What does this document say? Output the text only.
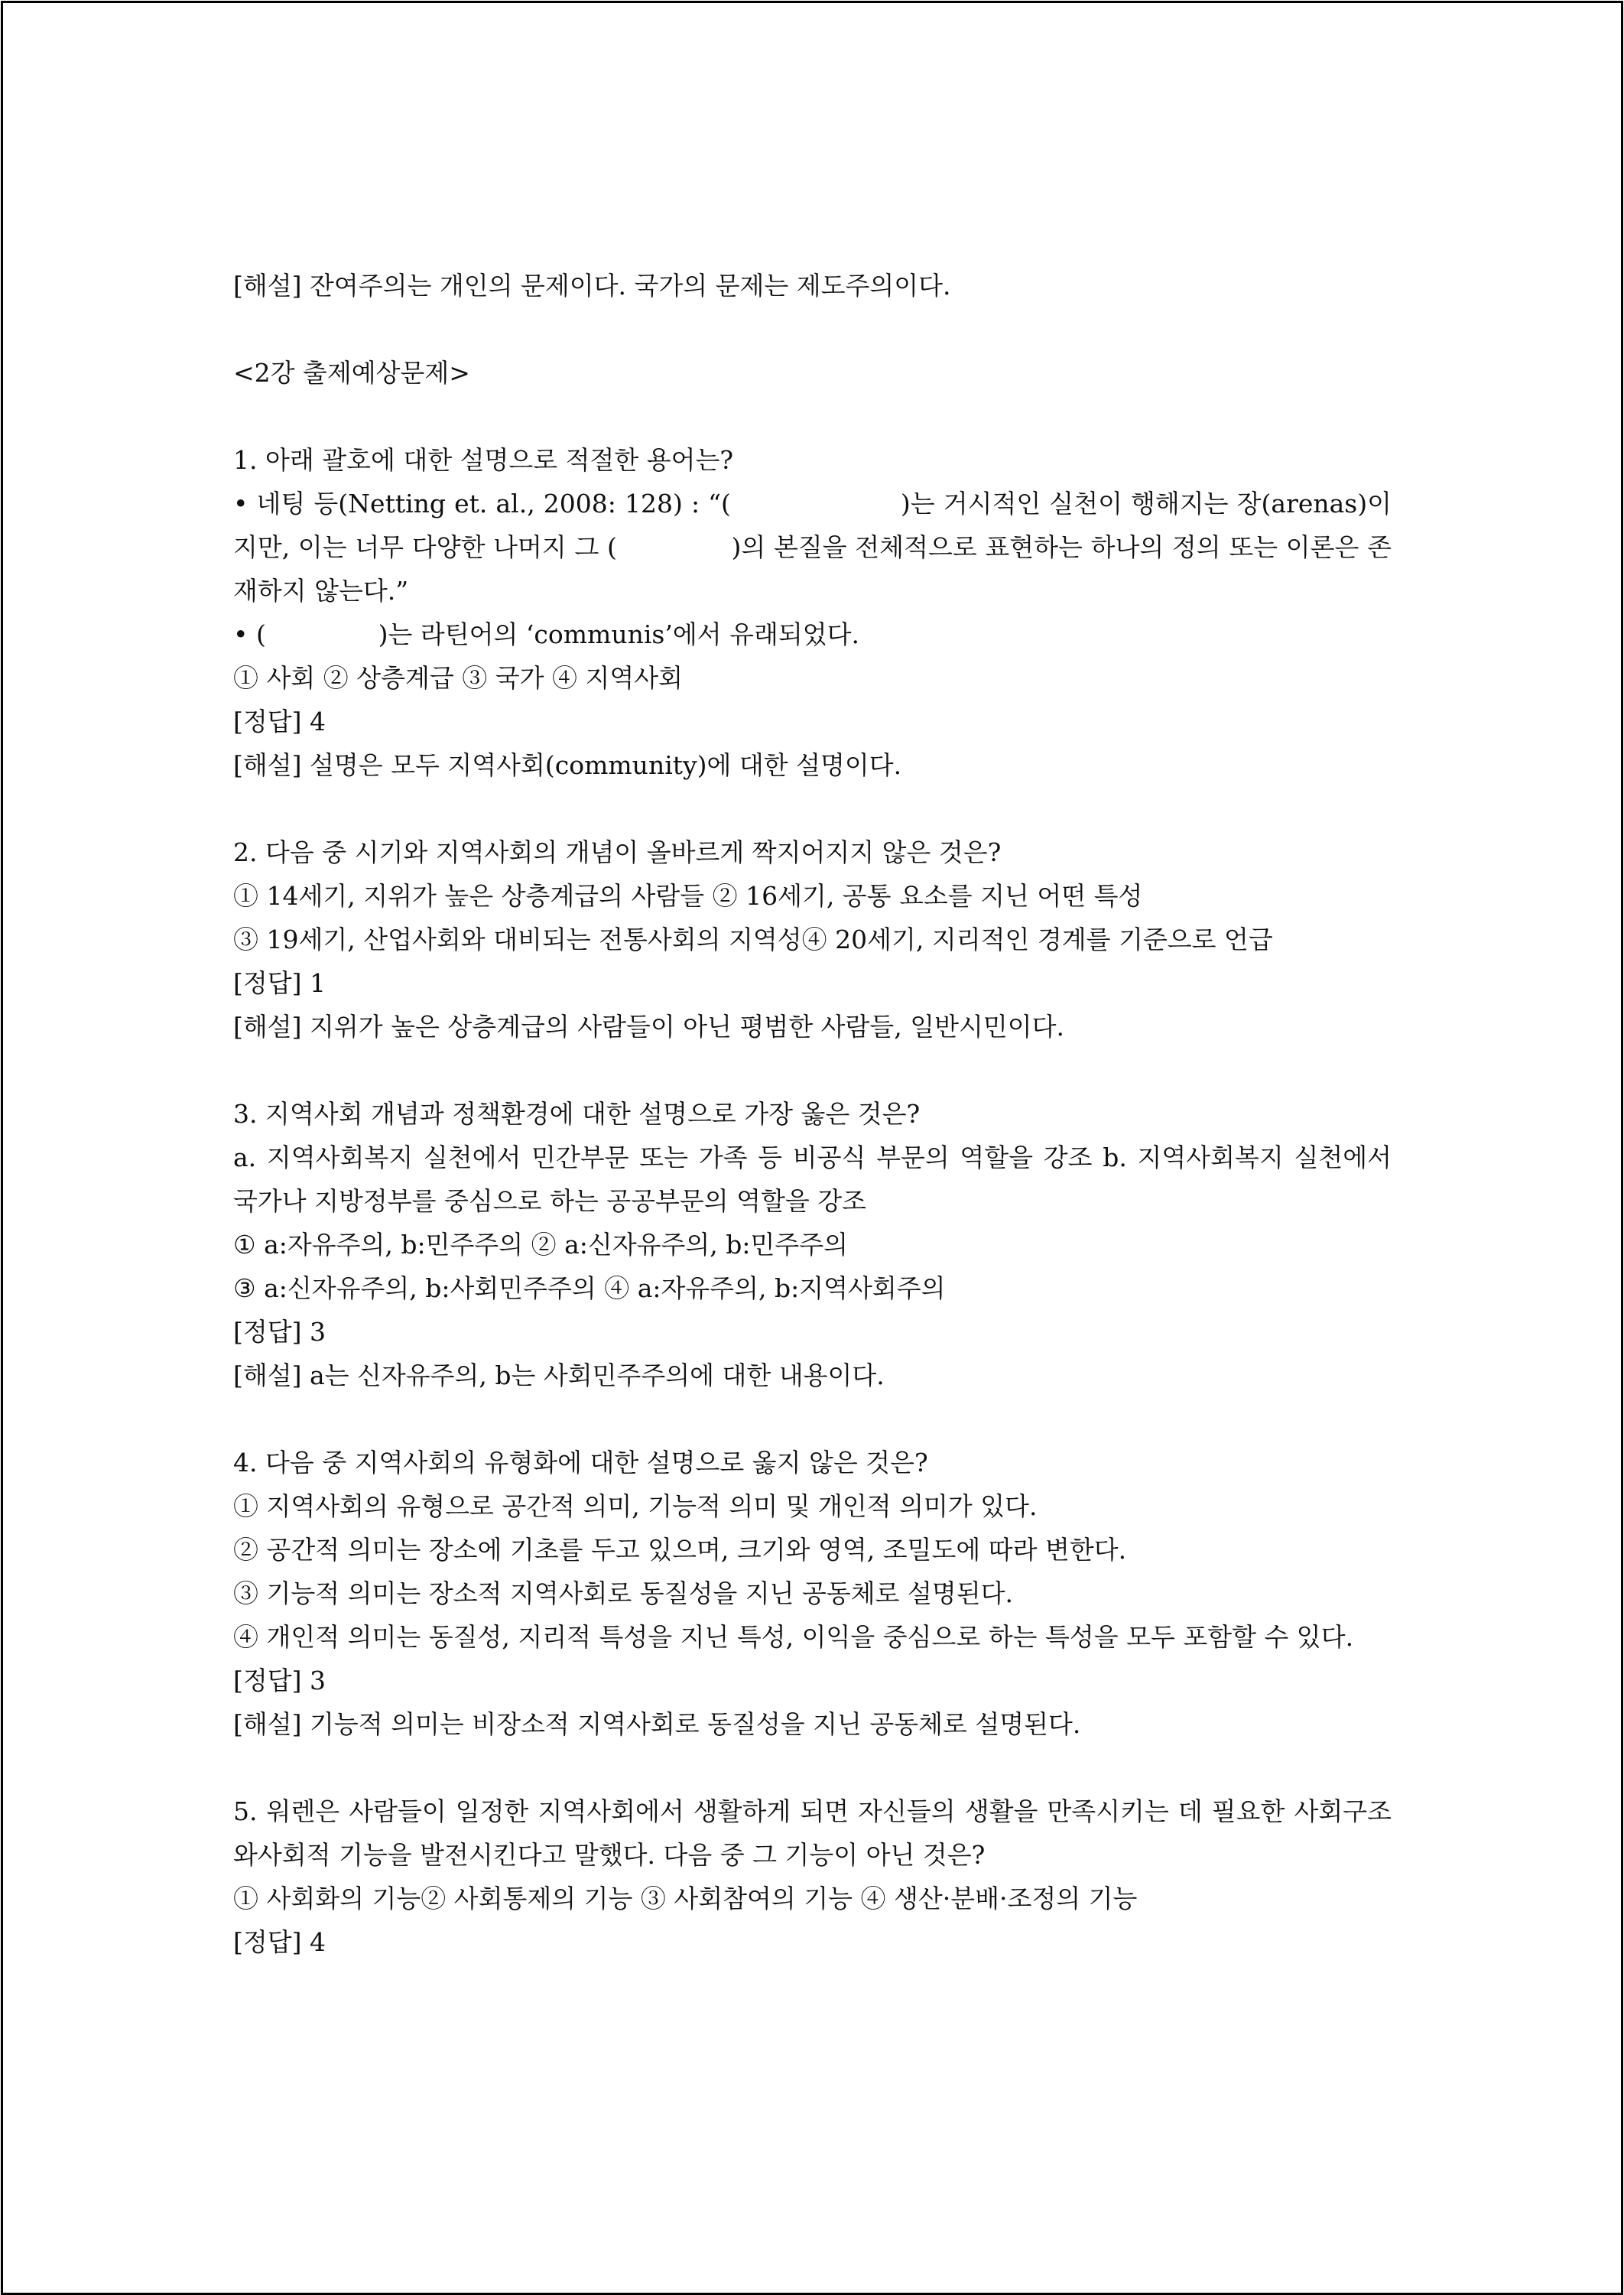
[해설] 잔여주의는 개인의 문제이다. 국가의 문제는 제도주의이다.
<2강 출제예상문제>
1. 아래 괄호에 대한 설명으로 적절한 용어는?
• 네팅 등(Netting et. al., 2008: 128) : “(                    )는 거시적인 실천이 행해지는 장(arenas)이지만, 이는 너무 다양한 나머지 그 (              )의 본질을 전체적으로 표현하는 하나의 정의 또는 이론은 존재하지 않는다.”
• (              )는 라틴어의 ‘communis’에서 유래되었다.
① 사회 ② 상층계급 ③ 국가 ④ 지역사회
[정답] 4
[해설] 설명은 모두 지역사회(community)에 대한 설명이다.
2. 다음 중 시기와 지역사회의 개념이 올바르게 짝지어지지 않은 것은?
① 14세기, 지위가 높은 상층계급의 사람들 ② 16세기, 공통 요소를 지닌 어떤 특성
③ 19세기, 산업사회와 대비되는 전통사회의 지역성④ 20세기, 지리적인 경계를 기준으로 언급
[정답] 1
[해설] 지위가 높은 상층계급의 사람들이 아닌 평범한 사람들, 일반시민이다.
3. 지역사회 개념과 정책환경에 대한 설명으로 가장 옳은 것은?
a. 지역사회복지 실천에서 민간부문 또는 가족 등 비공식 부문의 역할을 강조 b. 지역사회복지 실천에서 국가나 지방정부를 중심으로 하는 공공부문의 역할을 강조
① a:자유주의, b:민주주의 ② a:신자유주의, b:민주주의
③ a:신자유주의, b:사회민주주의 ④ a:자유주의, b:지역사회주의
[정답] 3
[해설] a는 신자유주의, b는 사회민주주의에 대한 내용이다.
4. 다음 중 지역사회의 유형화에 대한 설명으로 옳지 않은 것은?
① 지역사회의 유형으로 공간적 의미, 기능적 의미 및 개인적 의미가 있다.
② 공간적 의미는 장소에 기초를 두고 있으며, 크기와 영역, 조밀도에 따라 변한다.
③ 기능적 의미는 장소적 지역사회로 동질성을 지닌 공동체로 설명된다.
④ 개인적 의미는 동질성, 지리적 특성을 지닌 특성, 이익을 중심으로 하는 특성을 모두 포함할 수 있다.
[정답] 3
[해설] 기능적 의미는 비장소적 지역사회로 동질성을 지닌 공동체로 설명된다.
5. 워렌은 사람들이 일정한 지역사회에서 생활하게 되면 자신들의 생활을 만족시키는 데 필요한 사회구조와사회적 기능을 발전시킨다고 말했다. 다음 중 그 기능이 아닌 것은?
① 사회화의 기능② 사회통제의 기능 ③ 사회참여의 기능 ④ 생산·분배·조정의 기능
[정답] 4
